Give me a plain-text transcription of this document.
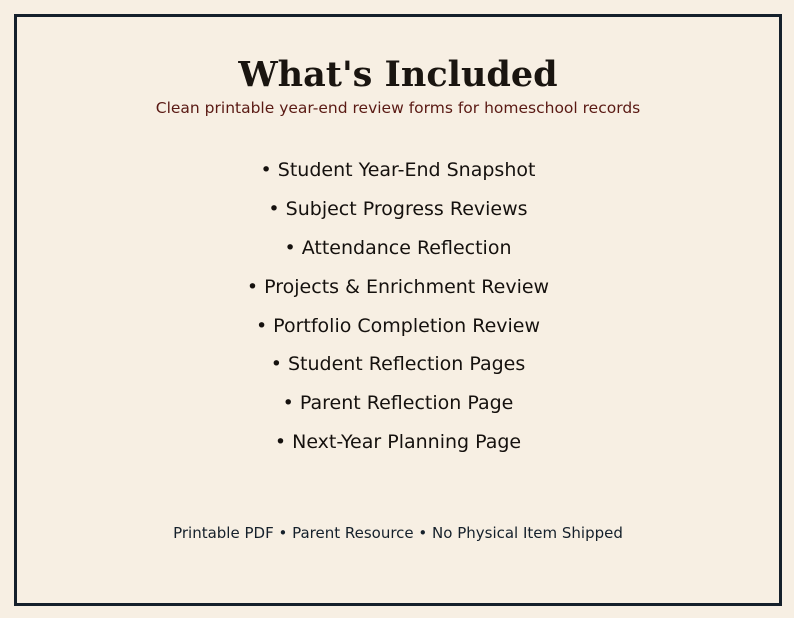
What's Included
Clean printable year-end review forms for homeschool records
• Student Year-End Snapshot
• Subject Progress Reviews
• Attendance Reflection
• Projects & Enrichment Review
• Portfolio Completion Review
• Student Reflection Pages
• Parent Reflection Page
• Next-Year Planning Page
Printable PDF • Parent Resource • No Physical Item Shipped
